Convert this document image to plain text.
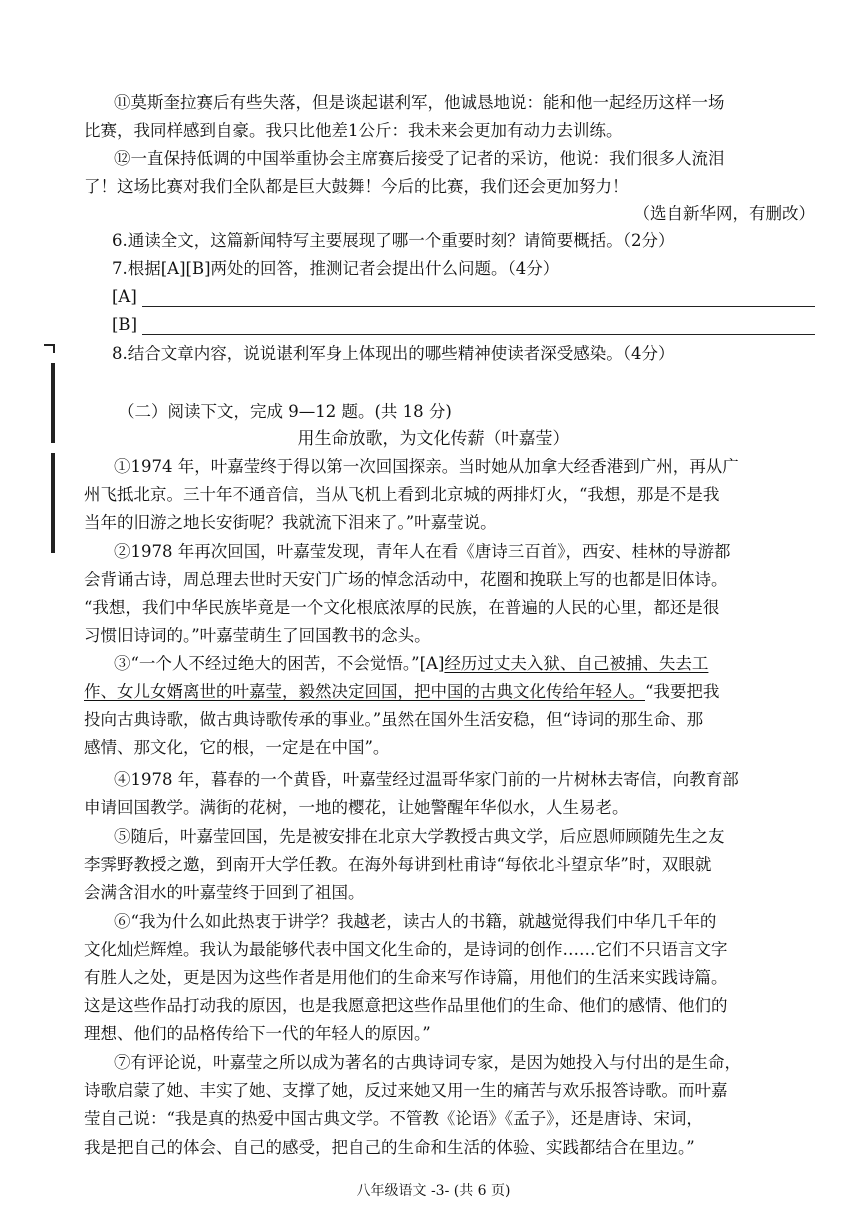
⑪莫斯奎拉赛后有些失落，但是谈起谌利军，他诚恳地说：能和他一起经历这样一场
比赛，我同样感到自豪。我只比他差1公斤：我未来会更加有动力去训练。
⑫一直保持低调的中国举重协会主席赛后接受了记者的采访，他说：我们很多人流泪
了！这场比赛对我们全队都是巨大鼓舞！今后的比赛，我们还会更加努力！
（选自新华网，有删改）
6.通读全文，这篇新闻特写主要展现了哪一个重要时刻？请简要概括。（2分）
7.根据[A][B]两处的回答，推测记者会提出什么问题。（4分）
[A]
[B]
8.结合文章内容，说说谌利军身上体现出的哪些精神使读者深受感染。（4分）
（二）阅读下文，完成 9—12 题。(共 18 分)
用生命放歌，为文化传薪（叶嘉莹）
①1974 年，叶嘉莹终于得以第一次回国探亲。当时她从加拿大经香港到广州，再从广
州飞抵北京。三十年不通音信，当从飞机上看到北京城的两排灯火，“我想，那是不是我
当年的旧游之地长安街呢？我就流下泪来了。”叶嘉莹说。
②1978 年再次回国，叶嘉莹发现，青年人在看《唐诗三百首》，西安、桂林的导游都
会背诵古诗，周总理去世时天安门广场的悼念活动中，花圈和挽联上写的也都是旧体诗。
“我想，我们中华民族毕竟是一个文化根底浓厚的民族，在普遍的人民的心里，都还是很
习惯旧诗词的。”叶嘉莹萌生了回国教书的念头。
③“一个人不经过绝大的困苦，不会觉悟。”[A]经历过丈夫入狱、自己被捕、失去工
作、女儿女婿离世的叶嘉莹，毅然决定回国，把中国的古典文化传给年轻人。“我要把我
投向古典诗歌，做古典诗歌传承的事业。”虽然在国外生活安稳，但“诗词的那生命、那
感情、那文化，它的根，一定是在中国”。
④1978 年，暮春的一个黄昏，叶嘉莹经过温哥华家门前的一片树林去寄信，向教育部
申请回国教学。满街的花树，一地的樱花，让她警醒年华似水，人生易老。
⑤随后，叶嘉莹回国，先是被安排在北京大学教授古典文学，后应恩师顾随先生之友
李霁野教授之邀，到南开大学任教。在海外每讲到杜甫诗“每依北斗望京华”时，双眼就
会满含泪水的叶嘉莹终于回到了祖国。
⑥“我为什么如此热衷于讲学？我越老，读古人的书籍，就越觉得我们中华几千年的
文化灿烂辉煌。我认为最能够代表中国文化生命的，是诗词的创作……它们不只语言文字
有胜人之处，更是因为这些作者是用他们的生命来写作诗篇，用他们的生活来实践诗篇。
这是这些作品打动我的原因，也是我愿意把这些作品里他们的生命、他们的感情、他们的
理想、他们的品格传给下一代的年轻人的原因。”
⑦有评论说，叶嘉莹之所以成为著名的古典诗词专家，是因为她投入与付出的是生命，
诗歌启蒙了她、丰实了她、支撑了她，反过来她又用一生的痛苦与欢乐报答诗歌。而叶嘉
莹自己说：“我是真的热爱中国古典文学。不管教《论语》《孟子》，还是唐诗、宋词，
我是把自己的体会、自己的感受，把自己的生命和生活的体验、实践都结合在里边。”
八年级语文 -3- (共 6 页)
